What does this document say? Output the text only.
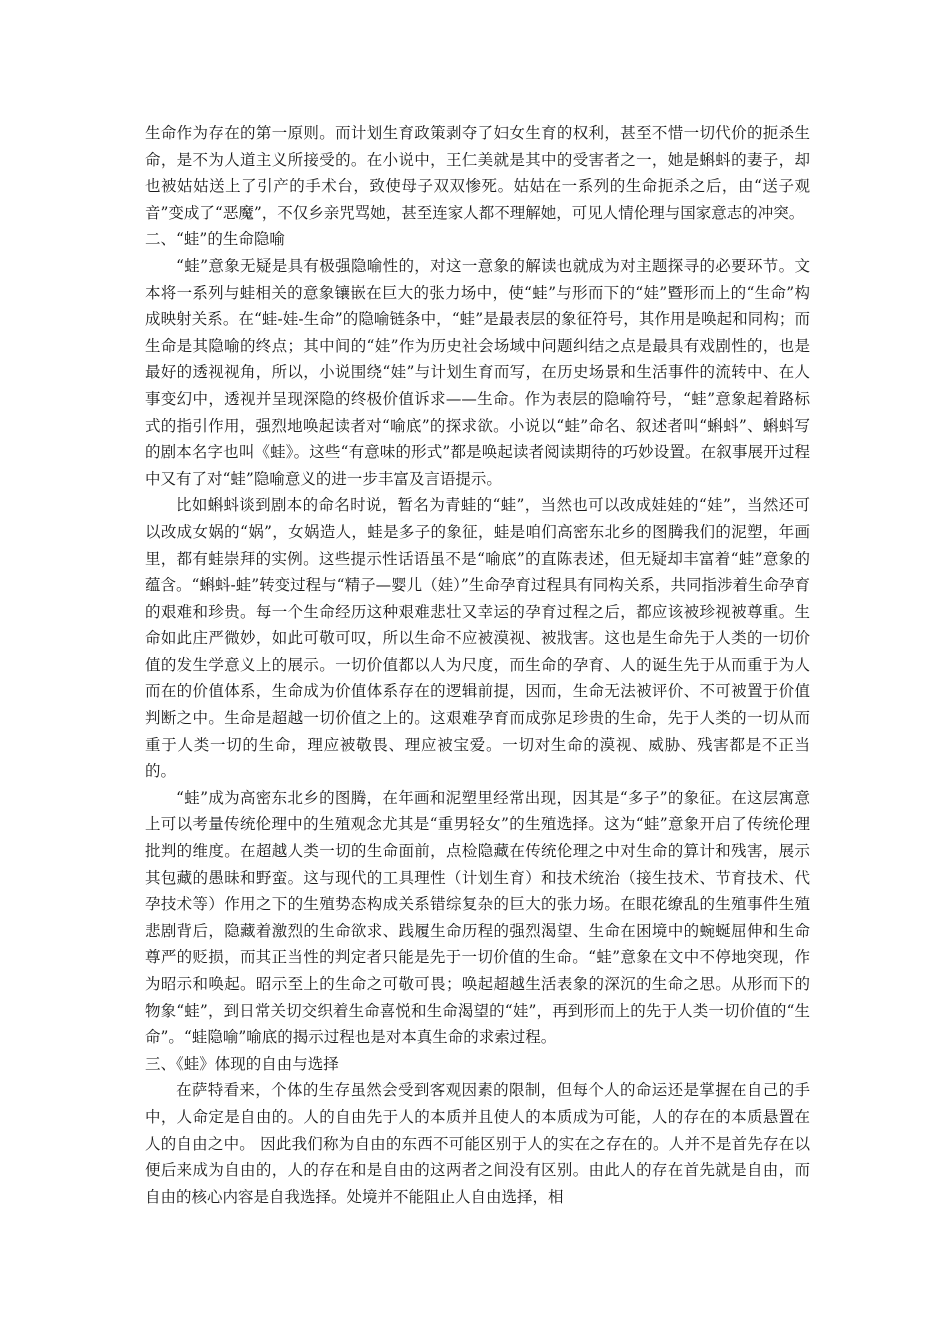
生命作为存在的第一原则。而计划生育政策剥夺了妇女生育的权利，甚至不惜一切代价的扼杀生命，是不为人道主义所接受的。在小说中，王仁美就是其中的受害者之一，她是蝌蚪的妻子，却也被姑姑送上了引产的手术台，致使母子双双惨死。姑姑在一系列的生命扼杀之后，由“送子观音”变成了“恶魔”，不仅乡亲咒骂她，甚至连家人都不理解她，可见人情伦理与国家意志的冲突。

二、“蛙”的生命隐喻

“蛙”意象无疑是具有极强隐喻性的，对这一意象的解读也就成为对主题探寻的必要环节。文本将一系列与蛙相关的意象镶嵌在巨大的张力场中，使“蛙”与形而下的“娃”暨形而上的“生命”构成映射关系。在“蛙-娃-生命”的隐喻链条中，“蛙”是最表层的象征符号，其作用是唤起和同构；而生命是其隐喻的终点；其中间的“娃”作为历史社会场域中问题纠结之点是最具有戏剧性的，也是最好的透视视角，所以，小说围绕“娃”与计划生育而写，在历史场景和生活事件的流转中、在人事变幻中，透视并呈现深隐的终极价值诉求——生命。作为表层的隐喻符号，“蛙”意象起着路标式的指引作用，强烈地唤起读者对“喻底”的探求欲。小说以“蛙”命名、叙述者叫“蝌蚪”、蝌蚪写的剧本名字也叫《蛙》。这些“有意味的形式”都是唤起读者阅读期待的巧妙设置。在叙事展开过程中又有了对“蛙”隐喻意义的进一步丰富及言语提示。

比如蝌蚪谈到剧本的命名时说，暂名为青蛙的“蛙”，当然也可以改成娃娃的“娃”，当然还可以改成女娲的“娲”，女娲造人，蛙是多子的象征，蛙是咱们高密东北乡的图腾我们的泥塑，年画里，都有蛙崇拜的实例。这些提示性话语虽不是“喻底”的直陈表述，但无疑却丰富着“蛙”意象的蕴含。“蝌蚪-蛙”转变过程与“精子—婴儿（娃）”生命孕育过程具有同构关系，共同指涉着生命孕育的艰难和珍贵。每一个生命经历这种艰难悲壮又幸运的孕育过程之后，都应该被珍视被尊重。生命如此庄严微妙，如此可敬可叹，所以生命不应被漠视、被戕害。这也是生命先于人类的一切价值的发生学意义上的展示。一切价值都以人为尺度，而生命的孕育、人的诞生先于从而重于为人而在的价值体系，生命成为价值体系存在的逻辑前提，因而，生命无法被评价、不可被置于价值判断之中。生命是超越一切价值之上的。这艰难孕育而成弥足珍贵的生命，先于人类的一切从而重于人类一切的生命，理应被敬畏、理应被宝爱。一切对生命的漠视、威胁、残害都是不正当的。

“蛙”成为高密东北乡的图腾，在年画和泥塑里经常出现，因其是“多子”的象征。在这层寓意上可以考量传统伦理中的生殖观念尤其是“重男轻女”的生殖选择。这为“蛙”意象开启了传统伦理批判的维度。在超越人类一切的生命面前，点检隐藏在传统伦理之中对生命的算计和残害，展示其包藏的愚昧和野蛮。这与现代的工具理性（计划生育）和技术统治（接生技术、节育技术、代孕技术等）作用之下的生殖势态构成关系错综复杂的巨大的张力场。在眼花缭乱的生殖事件生殖悲剧背后，隐藏着激烈的生命欲求、践履生命历程的强烈渴望、生命在困境中的蜿蜒屈伸和生命尊严的贬损，而其正当性的判定者只能是先于一切价值的生命。“蛙”意象在文中不停地突现，作为昭示和唤起。昭示至上的生命之可敬可畏；唤起超越生活表象的深沉的生命之思。从形而下的物象“蛙”，到日常关切交织着生命喜悦和生命渴望的“娃”，再到形而上的先于人类一切价值的“生命”。“蛙隐喻”喻底的揭示过程也是对本真生命的求索过程。

三、《蛙》体现的自由与选择

在萨特看来，个体的生存虽然会受到客观因素的限制，但每个人的命运还是掌握在自己的手中，人命定是自由的。人的自由先于人的本质并且使人的本质成为可能，人的存在的本质悬置在人的自由之中。 因此我们称为自由的东西不可能区别于人的实在之存在的。人并不是首先存在以便后来成为自由的，人的存在和是自由的这两者之间没有区别。由此人的存在首先就是自由，而自由的核心内容是自我选择。处境并不能阻止人自由选择，相
